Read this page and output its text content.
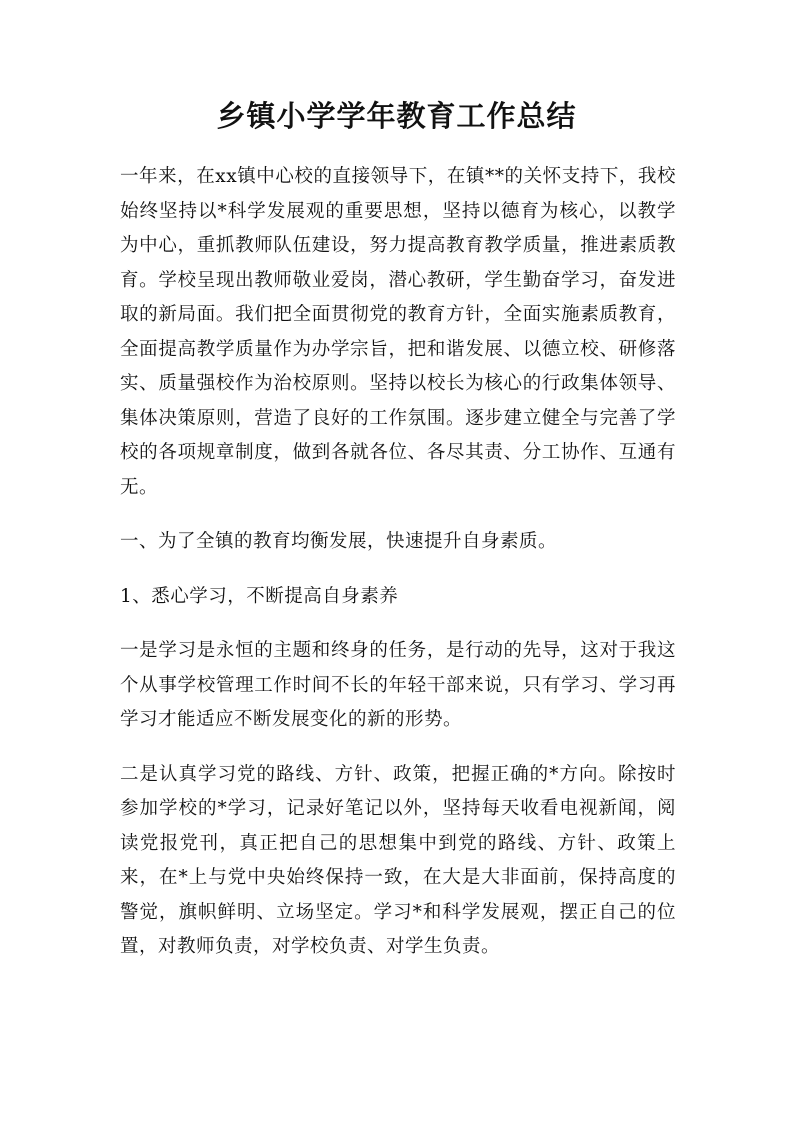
乡镇小学学年教育工作总结

一年来，在xx镇中心校的直接领导下，在镇**的关怀支持下，我校始终坚持以*科学发展观的重要思想，坚持以德育为核心，以教学为中心，重抓教师队伍建设，努力提高教育教学质量，推进素质教育。学校呈现出教师敬业爱岗，潜心教研，学生勤奋学习，奋发进取的新局面。我们把全面贯彻党的教育方针，全面实施素质教育，全面提高教学质量作为办学宗旨，把和谐发展、以德立校、研修落实、质量强校作为治校原则。坚持以校长为核心的行政集体领导、集体决策原则，营造了良好的工作氛围。逐步建立健全与完善了学校的各项规章制度，做到各就各位、各尽其责、分工协作、互通有无。

一、为了全镇的教育均衡发展，快速提升自身素质。

1、悉心学习，不断提高自身素养

一是学习是永恒的主题和终身的任务，是行动的先导，这对于我这个从事学校管理工作时间不长的年轻干部来说，只有学习、学习再学习才能适应不断发展变化的新的形势。

二是认真学习党的路线、方针、政策，把握正确的*方向。除按时参加学校的*学习，记录好笔记以外，坚持每天收看电视新闻，阅读党报党刊，真正把自己的思想集中到党的路线、方针、政策上来，在*上与党中央始终保持一致，在大是大非面前，保持高度的警觉，旗帜鲜明、立场坚定。学习*和科学发展观，摆正自己的位置，对教师负责，对学校负责、对学生负责。
